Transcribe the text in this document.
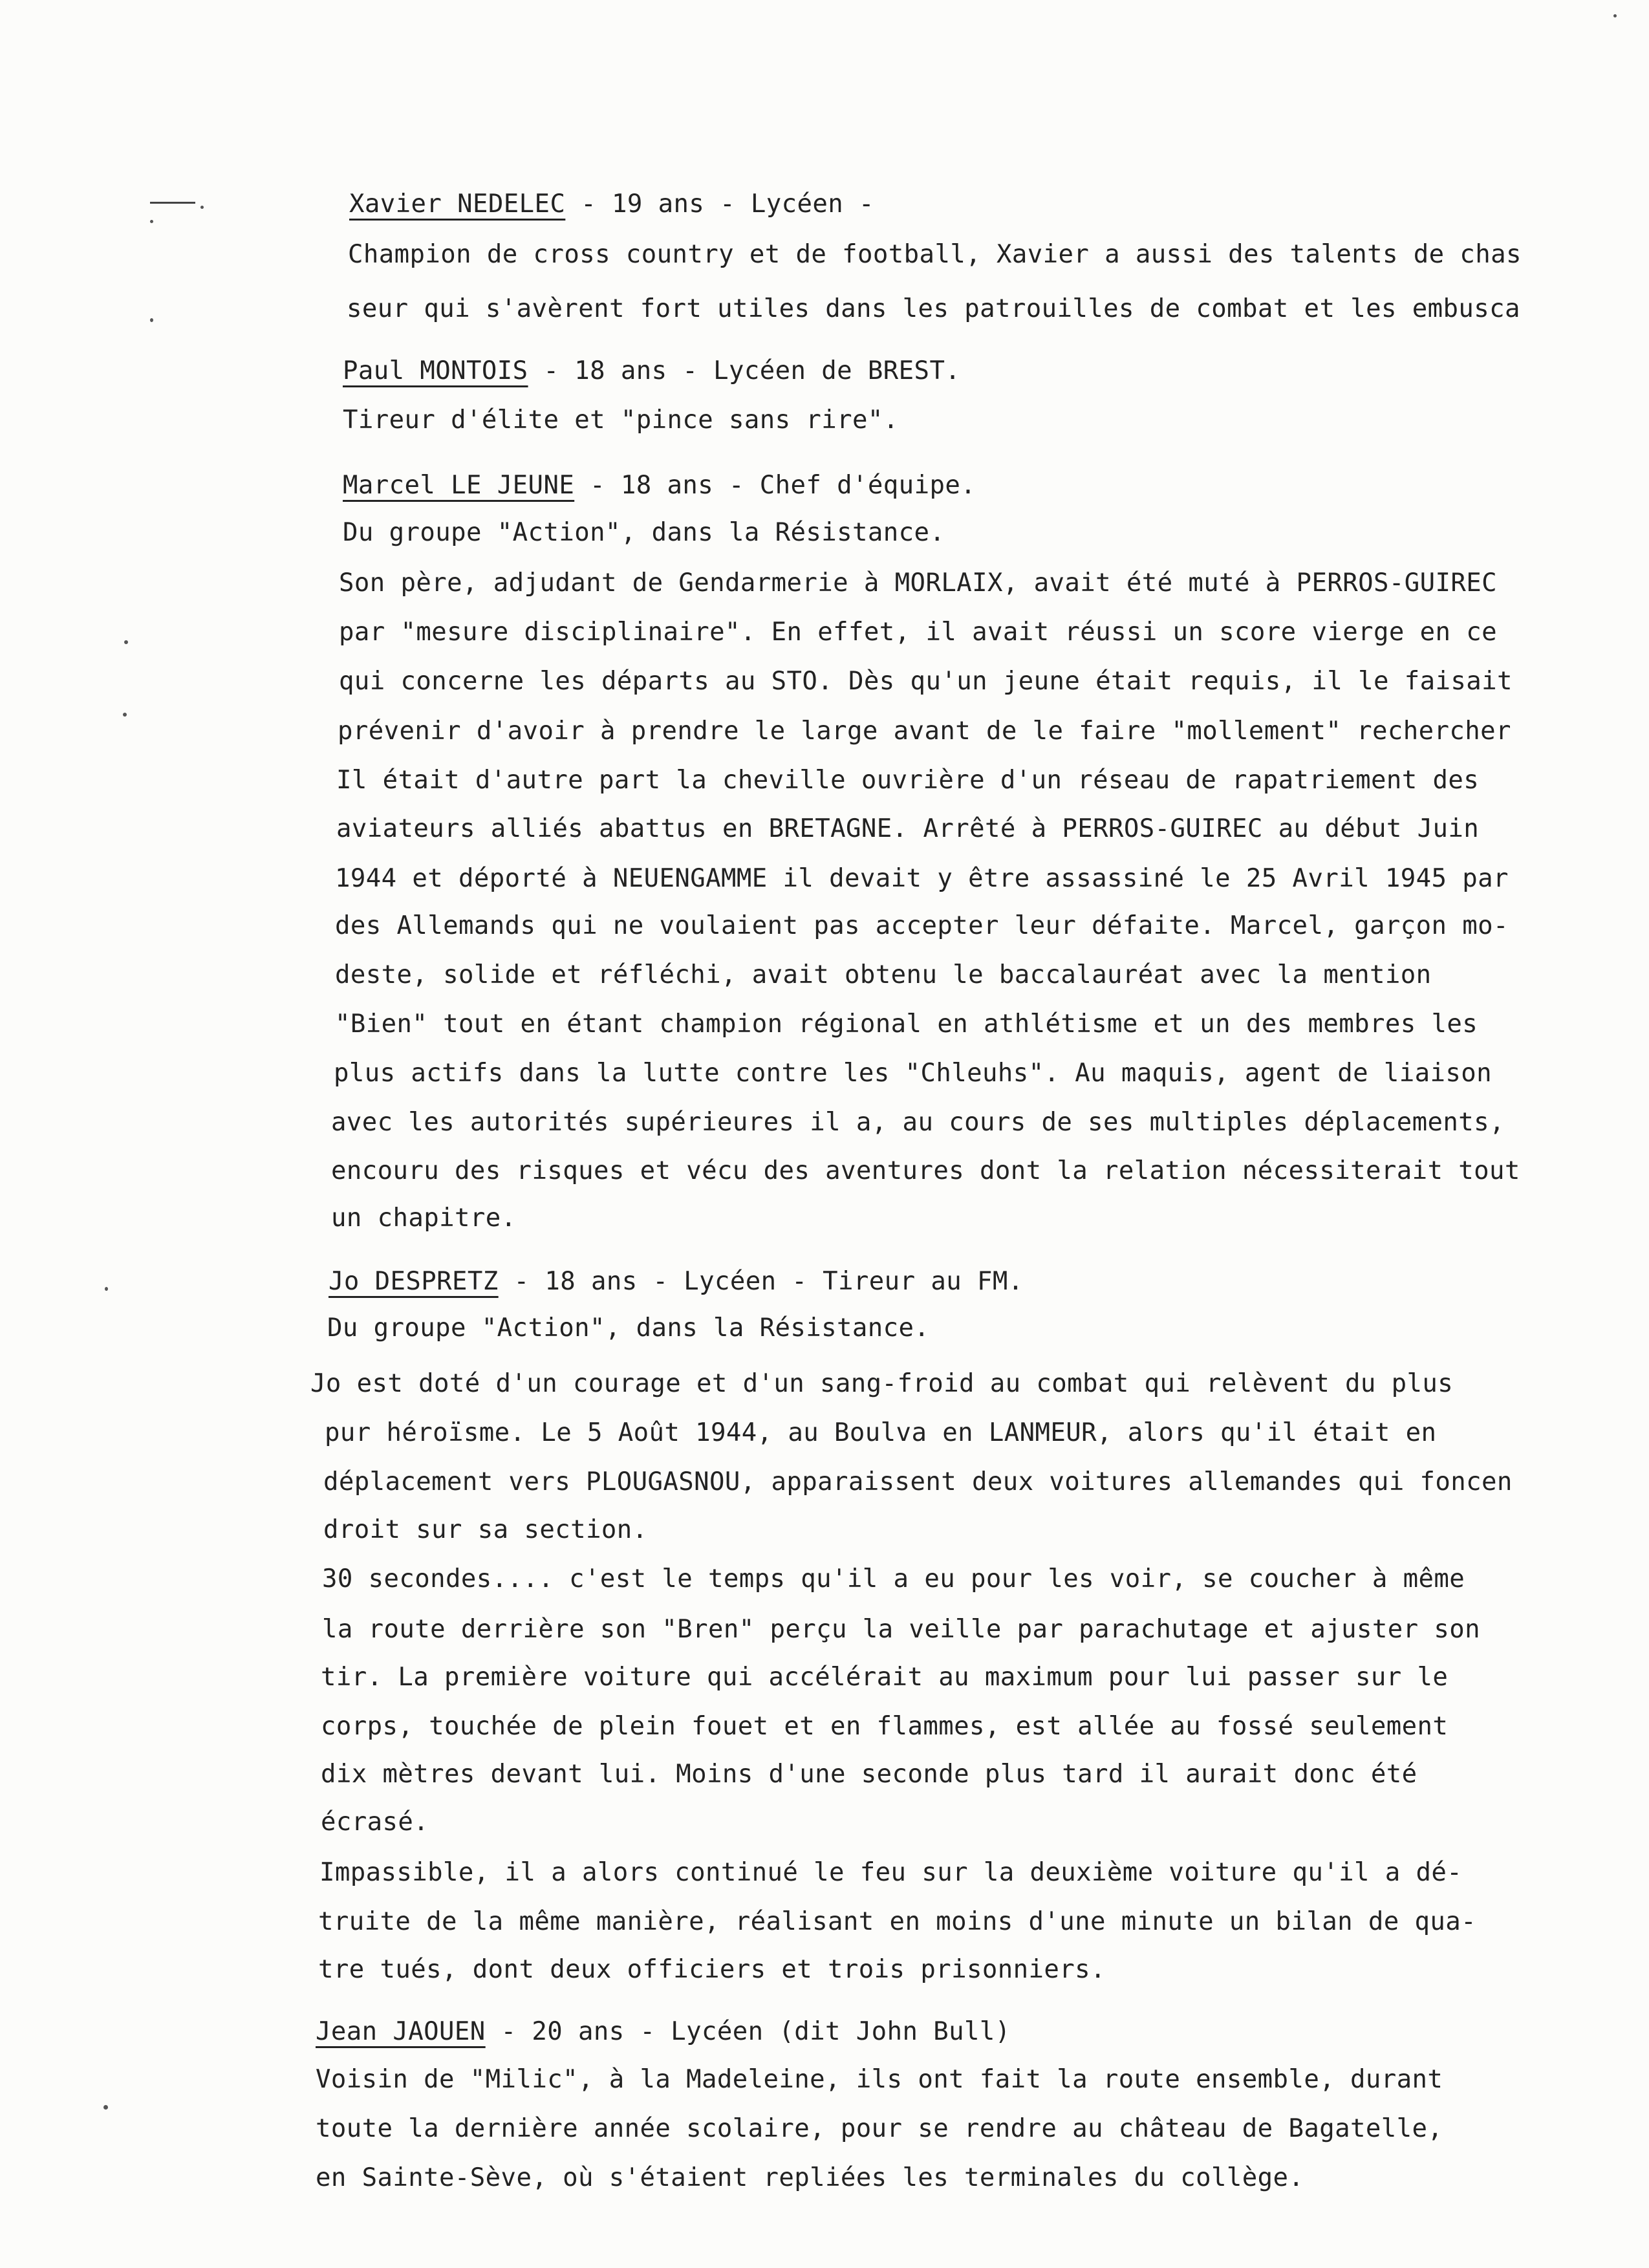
Xavier NEDELEC - 19 ans - Lycéen -
Champion de cross country et de football, Xavier a aussi des talents de chas
seur qui s'avèrent fort utiles dans les patrouilles de combat et les embusca
Paul MONTOIS - 18 ans - Lycéen de BREST.
Tireur d'élite et "pince sans rire".
Marcel LE JEUNE - 18 ans - Chef d'équipe.
Du groupe "Action", dans la Résistance.
Son père, adjudant de Gendarmerie à MORLAIX, avait été muté à PERROS-GUIREC
par "mesure disciplinaire". En effet, il avait réussi un score vierge en ce
qui concerne les départs au STO. Dès qu'un jeune était requis, il le faisait
prévenir d'avoir à prendre le large avant de le faire "mollement" rechercher
Il était d'autre part la cheville ouvrière d'un réseau de rapatriement des
aviateurs alliés abattus en BRETAGNE. Arrêté à PERROS-GUIREC au début Juin
1944 et déporté à NEUENGAMME il devait y être assassiné le 25 Avril 1945 par
des Allemands qui ne voulaient pas accepter leur défaite. Marcel, garçon mo-
deste, solide et réfléchi, avait obtenu le baccalauréat avec la mention
"Bien" tout en étant champion régional en athlétisme et un des membres les
plus actifs dans la lutte contre les "Chleuhs". Au maquis, agent de liaison
avec les autorités supérieures il a, au cours de ses multiples déplacements,
encouru des risques et vécu des aventures dont la relation nécessiterait tout
un chapitre.
Jo DESPRETZ - 18 ans - Lycéen - Tireur au FM.
Du groupe "Action", dans la Résistance.
Jo est doté d'un courage et d'un sang-froid au combat qui relèvent du plus
pur héroïsme. Le 5 Août 1944, au Boulva en LANMEUR, alors qu'il était en
déplacement vers PLOUGASNOU, apparaissent deux voitures allemandes qui foncen
droit sur sa section.
30 secondes.... c'est le temps qu'il a eu pour les voir, se coucher à même
la route derrière son "Bren" perçu la veille par parachutage et ajuster son
tir. La première voiture qui accélérait au maximum pour lui passer sur le
corps, touchée de plein fouet et en flammes, est allée au fossé seulement
dix mètres devant lui. Moins d'une seconde plus tard il aurait donc été
écrasé.
Impassible, il a alors continué le feu sur la deuxième voiture qu'il a dé-
truite de la même manière, réalisant en moins d'une minute un bilan de qua-
tre tués, dont deux officiers et trois prisonniers.
Jean JAOUEN - 20 ans - Lycéen (dit John Bull)
Voisin de "Milic", à la Madeleine, ils ont fait la route ensemble, durant
toute la dernière année scolaire, pour se rendre au château de Bagatelle,
en Sainte-Sève, où s'étaient repliées les terminales du collège.
